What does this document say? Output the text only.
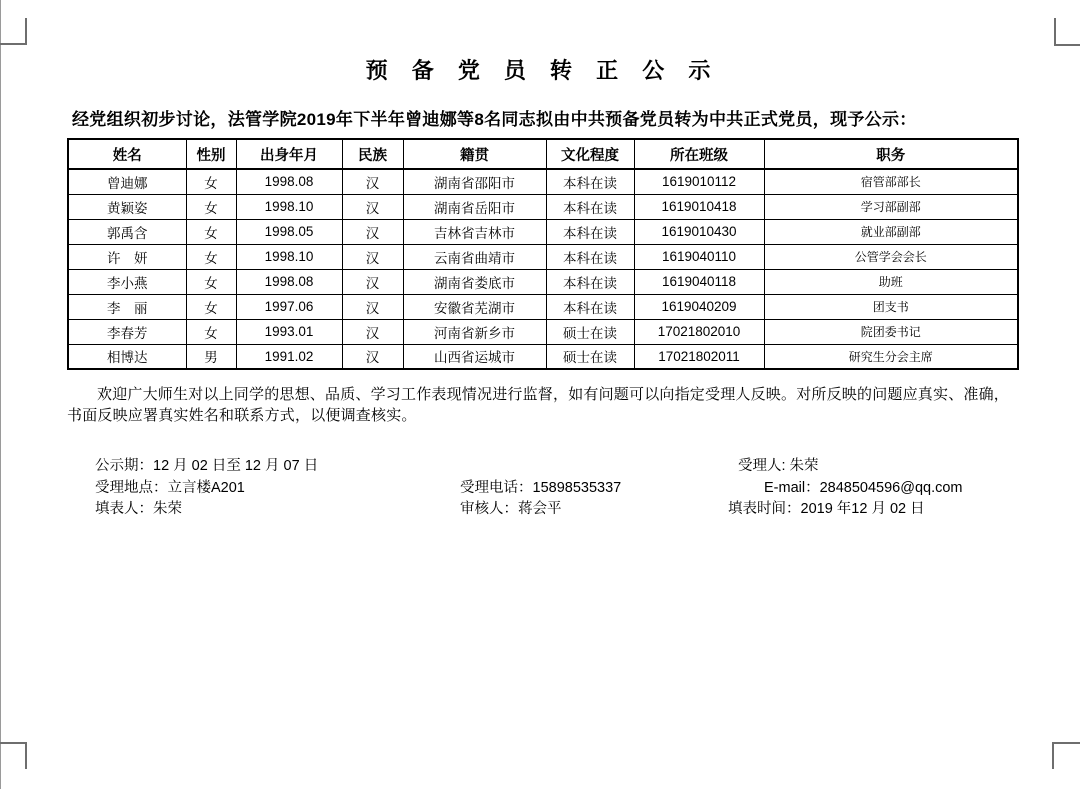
预 备 党 员 转 正 公 示
经党组织初步讨论，法管学院2019年下半年曾迪娜等8名同志拟由中共预备党员转为中共正式党员，现予公示：
姓名	性别	出身年月	民族	籍贯	文化程度	所在班级	职务
曾迪娜	女	1998.08	汉	湖南省邵阳市	本科在读	1619010112	宿管部部长
黄颖姿	女	1998.10	汉	湖南省岳阳市	本科在读	1619010418	学习部副部
郭禹含	女	1998.05	汉	吉林省吉林市	本科在读	1619010430	就业部副部
许　妍	女	1998.10	汉	云南省曲靖市	本科在读	1619040110	公管学会会长
李小燕	女	1998.08	汉	湖南省娄底市	本科在读	1619040118	助班
李　丽	女	1997.06	汉	安徽省芜湖市	本科在读	1619040209	团支书
李春芳	女	1993.01	汉	河南省新乡市	硕士在读	17021802010	院团委书记
相博达	男	1991.02	汉	山西省运城市	硕士在读	17021802011	研究生分会主席
欢迎广大师生对以上同学的思想、品质、学习工作表现情况进行监督，如有问题可以向指定受理人反映。对所反映的问题应真实、准确，书面反映应署真实姓名和联系方式，以便调查核实。
公示期：12 月 02 日至 12 月 07 日
受理地点：立言楼A201
填表人：朱荣
受理电话：15898535337
审核人：蒋会平
受理人: 朱荣
E-mail：2848504596@qq.com
填表时间：2019 年12 月 02 日
